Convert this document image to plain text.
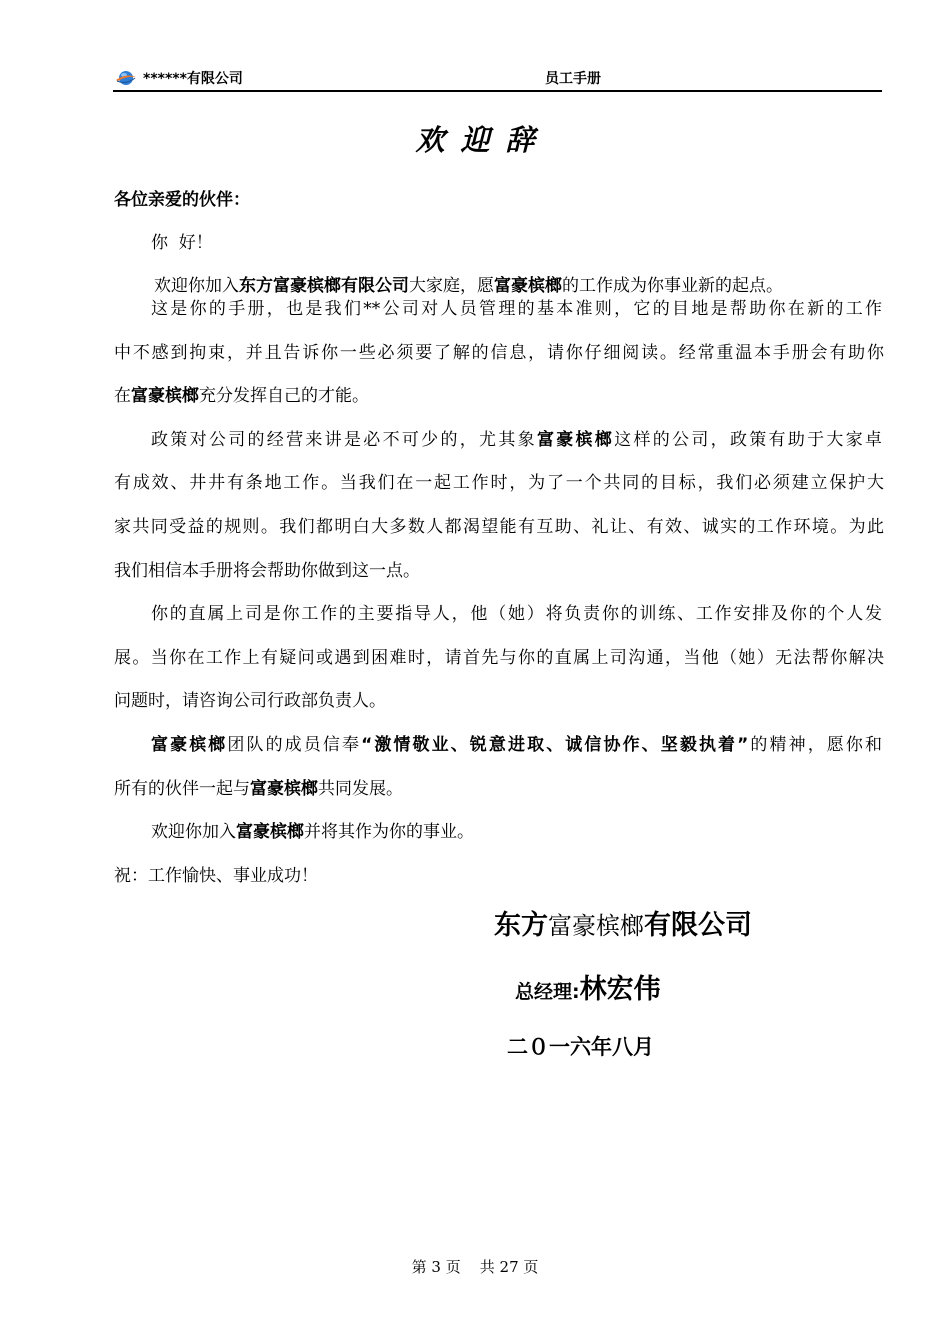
******有限公司	员工手册
欢迎辞
各位亲爱的伙伴：
你  好！
欢迎你加入东方富豪槟榔有限公司大家庭，愿富豪槟榔的工作成为你事业新的起点。
这是你的手册，也是我们**公司对人员管理的基本准则，它的目地是帮助你在新的工作
中不感到拘束，并且告诉你一些必须要了解的信息，请你仔细阅读。经常重温本手册会有助你
在富豪槟榔充分发挥自己的才能。
政策对公司的经营来讲是必不可少的，尤其象富豪槟榔这样的公司，政策有助于大家卓
有成效、井井有条地工作。当我们在一起工作时，为了一个共同的目标，我们必须建立保护大
家共同受益的规则。我们都明白大多数人都渴望能有互助、礼让、有效、诚实的工作环境。为此
我们相信本手册将会帮助你做到这一点。
你的直属上司是你工作的主要指导人，他（她）将负责你的训练、工作安排及你的个人发
展。当你在工作上有疑问或遇到困难时，请首先与你的直属上司沟通，当他（她）无法帮你解决
问题时，请咨询公司行政部负责人。
富豪槟榔团队的成员信奉“激情敬业、锐意进取、诚信协作、坚毅执着”的精神，愿你和
所有的伙伴一起与富豪槟榔共同发展。
欢迎你加入富豪槟榔并将其作为你的事业。
祝：工作愉快、事业成功！
东方富豪槟榔有限公司
总经理:林宏伟
二０一六年八月
第 3 页    共 27 页
